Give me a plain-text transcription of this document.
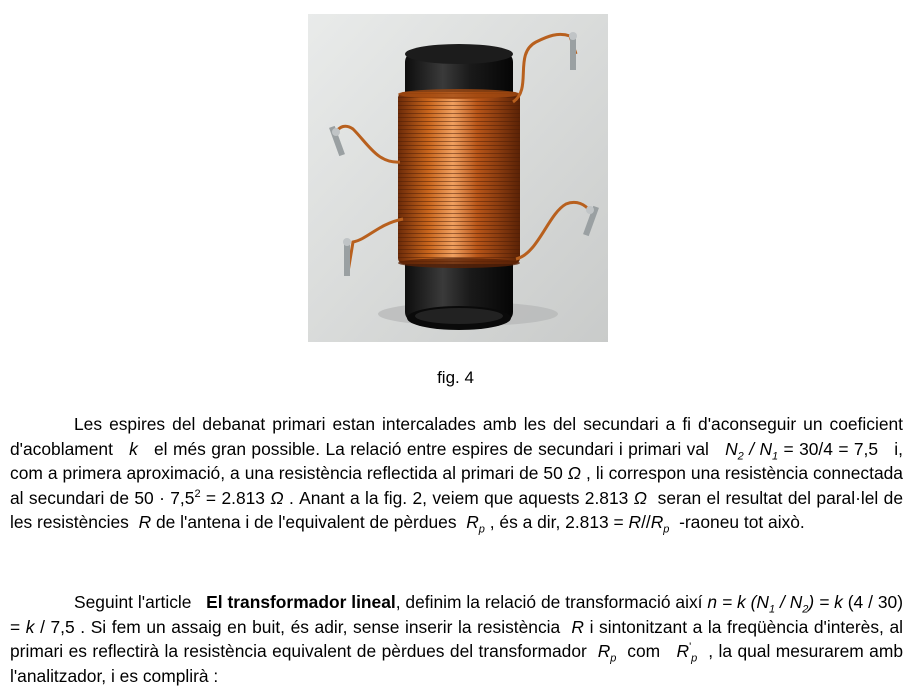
fig. 4

Les espires del debanat primari estan intercalades amb les del secundari a fi d'aconseguir un coeficient d'acoblament k el més gran possible. La relació entre espires de secundari i primari val $N_2 / N_1 = 30/4 = 7,5$ i, com a primera aproximació, a una resistència reflectida al primari de 50 Ω , li correspon una resistència connectada al secundari de $50 \cdot 7,5^2 = 2.813$ Ω . Anant a la fig. 2, veiem que aquests 2.813 Ω seran el resultat del paral·lel de les resistències R de l'antena i de l'equivalent de pèrdues $R_p$ , és a dir, $2.813 = R//R_p$ -raoneu tot això.

Seguint l'article El transformador lineal, definim la relació de transformació així n = k $(N_1 / N_2) = k$ (4 / 30) = k / 7,5 . Si fem un assaig en buit, és adir, sense inserir la resistència R i sintonitzant a la freqüència d'interès, al primari es reflectirà la resistència equivalent de pèrdues del transformador $R_p$ com $R'_p$ , la qual mesurarem amb l'analitzador, i es complirà :
